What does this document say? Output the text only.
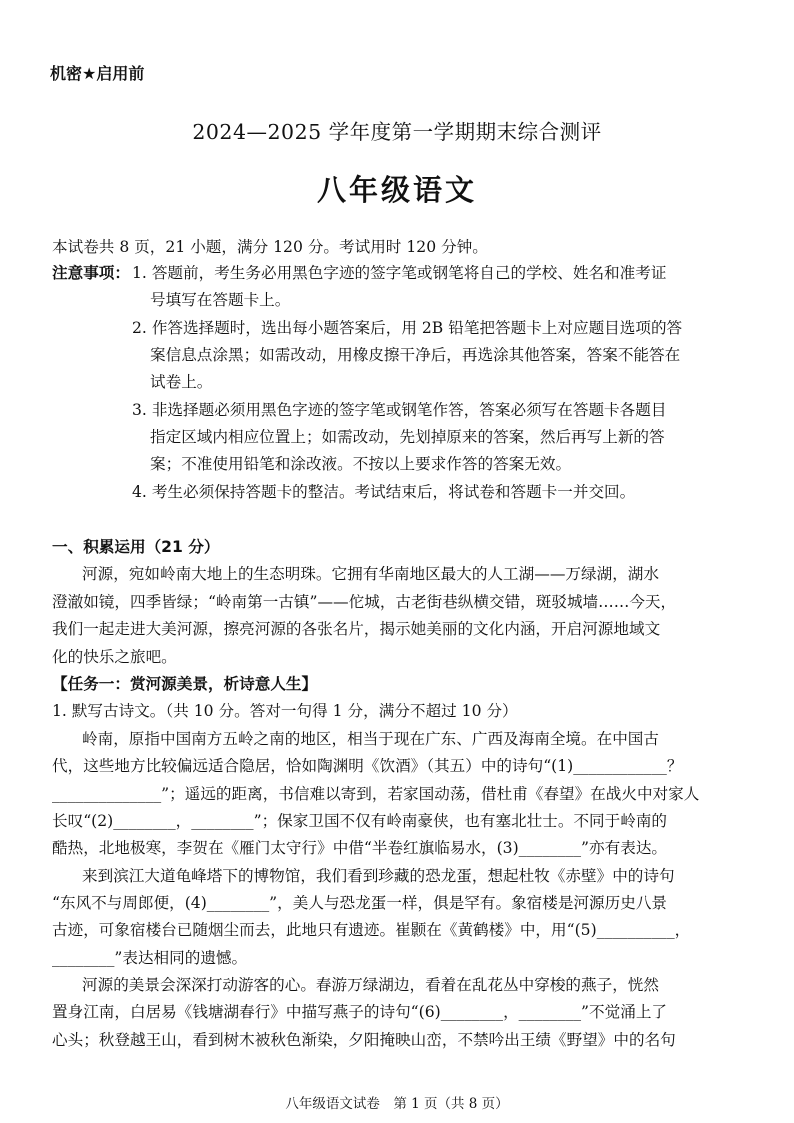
机密★启用前
2024—2025 学年度第一学期期末综合测评
八年级语文
本试卷共 8 页，21 小题，满分 120 分。考试用时 120 分钟。
注意事项： 1. 答题前，考生务必用黑色字迹的签字笔或钢笔将自己的学校、姓名和准考证
号填写在答题卡上。
2. 作答选择题时，选出每小题答案后，用 2B 铅笔把答题卡上对应题目选项的答
案信息点涂黑；如需改动，用橡皮擦干净后，再选涂其他答案，答案不能答在
试卷上。
3. 非选择题必须用黑色字迹的签字笔或钢笔作答，答案必须写在答题卡各题目
指定区域内相应位置上；如需改动，先划掉原来的答案，然后再写上新的答
案；不准使用铅笔和涂改液。不按以上要求作答的答案无效。
4. 考生必须保持答题卡的整洁。考试结束后，将试卷和答题卡一并交回。
一、积累运用（21 分）
河源，宛如岭南大地上的生态明珠。它拥有华南地区最大的人工湖——万绿湖，湖水
澄澈如镜，四季皆绿；“岭南第一古镇”——佗城，古老街巷纵横交错，斑驳城墙……今天，
我们一起走进大美河源，擦亮河源的各张名片，揭示她美丽的文化内涵，开启河源地域文
化的快乐之旅吧。
【任务一：赏河源美景，析诗意人生】
1. 默写古诗文。（共 10 分。答对一句得 1 分，满分不超过 10 分）
岭南，原指中国南方五岭之南的地区，相当于现在广东、广西及海南全境。在中国古
代，这些地方比较偏远适合隐居，恰如陶渊明《饮酒》（其五）中的诗句“(1)____________？
______________”；遥远的距离，书信难以寄到，若家国动荡，借杜甫《春望》在战火中对家人
长叹“(2)________，________”；保家卫国不仅有岭南豪侠，也有塞北壮士。不同于岭南的
酷热，北地极寒，李贺在《雁门太守行》中借“半卷红旗临易水，(3)________”亦有表达。
来到滨江大道龟峰塔下的博物馆，我们看到珍藏的恐龙蛋，想起杜牧《赤壁》中的诗句
“东风不与周郎便，(4)________”，美人与恐龙蛋一样，俱是罕有。象宿楼是河源历史八景
古迹，可象宿楼台已随烟尘而去，此地只有遗迹。崔颢在《黄鹤楼》中，用“(5)__________，
________”表达相同的遗憾。
河源的美景会深深打动游客的心。春游万绿湖边，看着在乱花丛中穿梭的燕子，恍然
置身江南，白居易《钱塘湖春行》中描写燕子的诗句“(6)________，________”不觉涌上了
心头；秋登越王山，看到树木被秋色渐染，夕阳掩映山峦，不禁吟出王绩《野望》中的名句
八年级语文试卷　第 1 页（共 8 页）
